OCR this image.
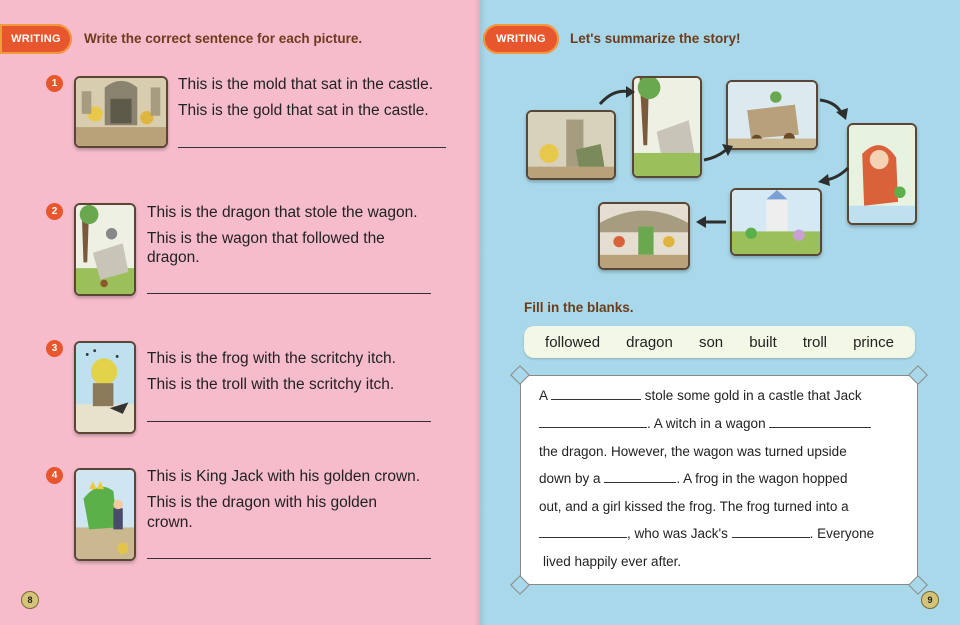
WRITING Write the correct sentence for each picture.
1	This is the mold that sat in the castle.
This is the gold that sat in the castle.
2	This is the dragon that stole the wagon.
This is the wagon that followed the
dragon.
3
This is the frog with the scritchy itch.
This is the troll with the scritchy itch.
4	This is King Jack with his golden crown.
This is the dragon with his golden
crown.
8
WRITING Let's summarize the story!
Fill in the blanks.
followed dragon son built troll prince
A	stole some gold in a castle that Jack
. A witch in a wagon
the dragon. However, the wagon was turned upside
down by a	. A frog in the wagon hopped
out, and a girl kissed the frog. The frog turned into a
, who was Jack's	. Everyone
lived happily ever after.
9
